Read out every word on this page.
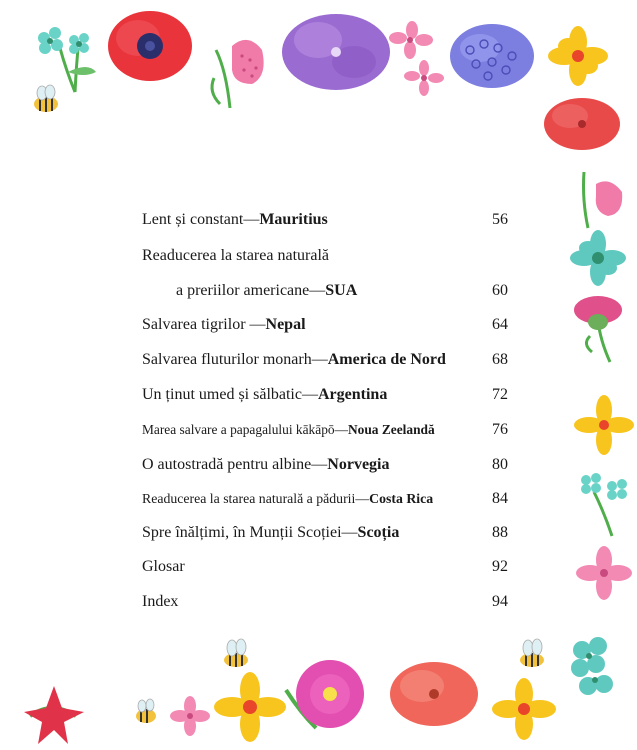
Lent și constant—Mauritius	56
Readucerea la starea naturală
a preriilor americane—SUA	60
Salvarea tigrilor —Nepal	64
Salvarea fluturilor monarh—America de Nord	68
Un ținut umed și sălbatic—Argentina	72
Marea salvare a papagalului kākāpō—Noua Zeelandă	76
O autostradă pentru albine—Norvegia	80
Readucerea la starea naturală a pădurii—Costa Rica	84
Spre înălțimi, în Munții Scoției—Scoția	88
Glosar	92
Index	94
